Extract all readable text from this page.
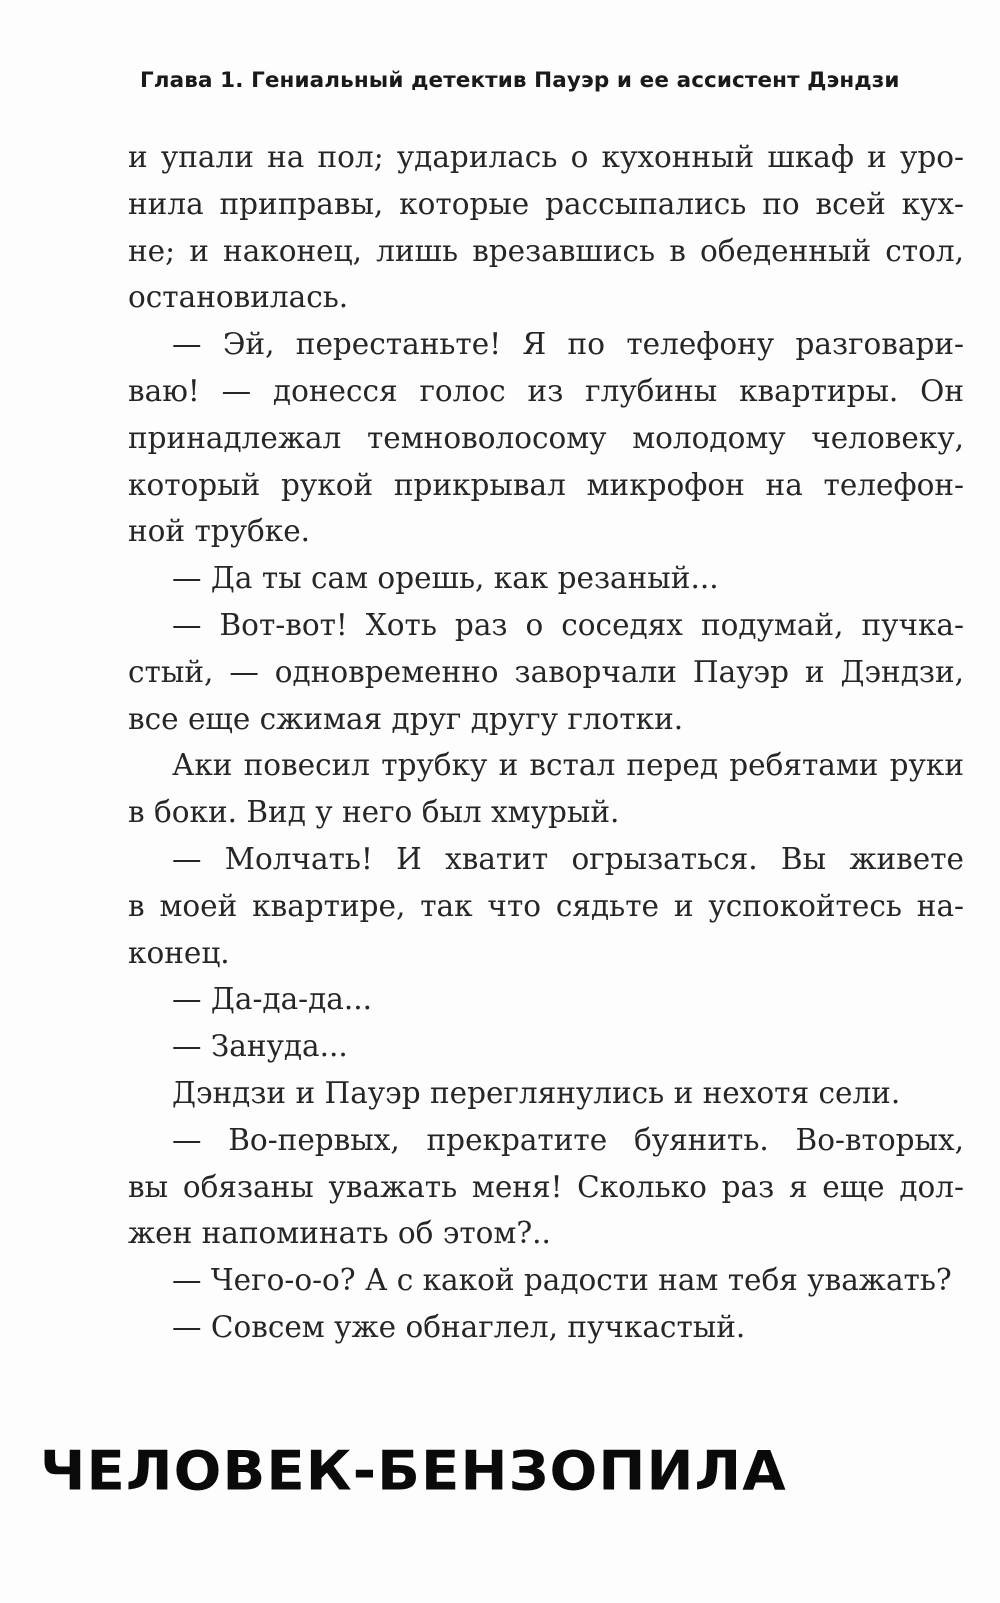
Глава 1. Гениальный детектив Пауэр и ее ассистент Дэндзи
и упали на пол; ударилась о кухонный шкаф и уро-
нила приправы, которые рассыпались по всей кух-
не; и наконец, лишь врезавшись в обеденный стол,
остановилась.
— Эй, перестаньте! Я по телефону разговари-
ваю! — донесся голос из глубины квартиры. Он
принадлежал темноволосому молодому человеку,
который рукой прикрывал микрофон на телефон-
ной трубке.
— Да ты сам орешь, как резаный...
— Вот-вот! Хоть раз о соседях подумай, пучка-
стый, — одновременно заворчали Пауэр и Дэндзи,
все еще сжимая друг другу глотки.
Аки повесил трубку и встал перед ребятами руки
в боки. Вид у него был хмурый.
— Молчать! И хватит огрызаться. Вы живете
в моей квартире, так что сядьте и успокойтесь на-
конец.
— Да-да-да...
— Зануда...
Дэндзи и Пауэр переглянулись и нехотя сели.
— Во-первых, прекратите буянить. Во-вторых,
вы обязаны уважать меня! Сколько раз я еще дол-
жен напоминать об этом?..
— Чего-о-о? А с какой радости нам тебя уважать?
— Совсем уже обнаглел, пучкастый.
ЧЕЛОВЕК-БЕНЗОПИЛА
